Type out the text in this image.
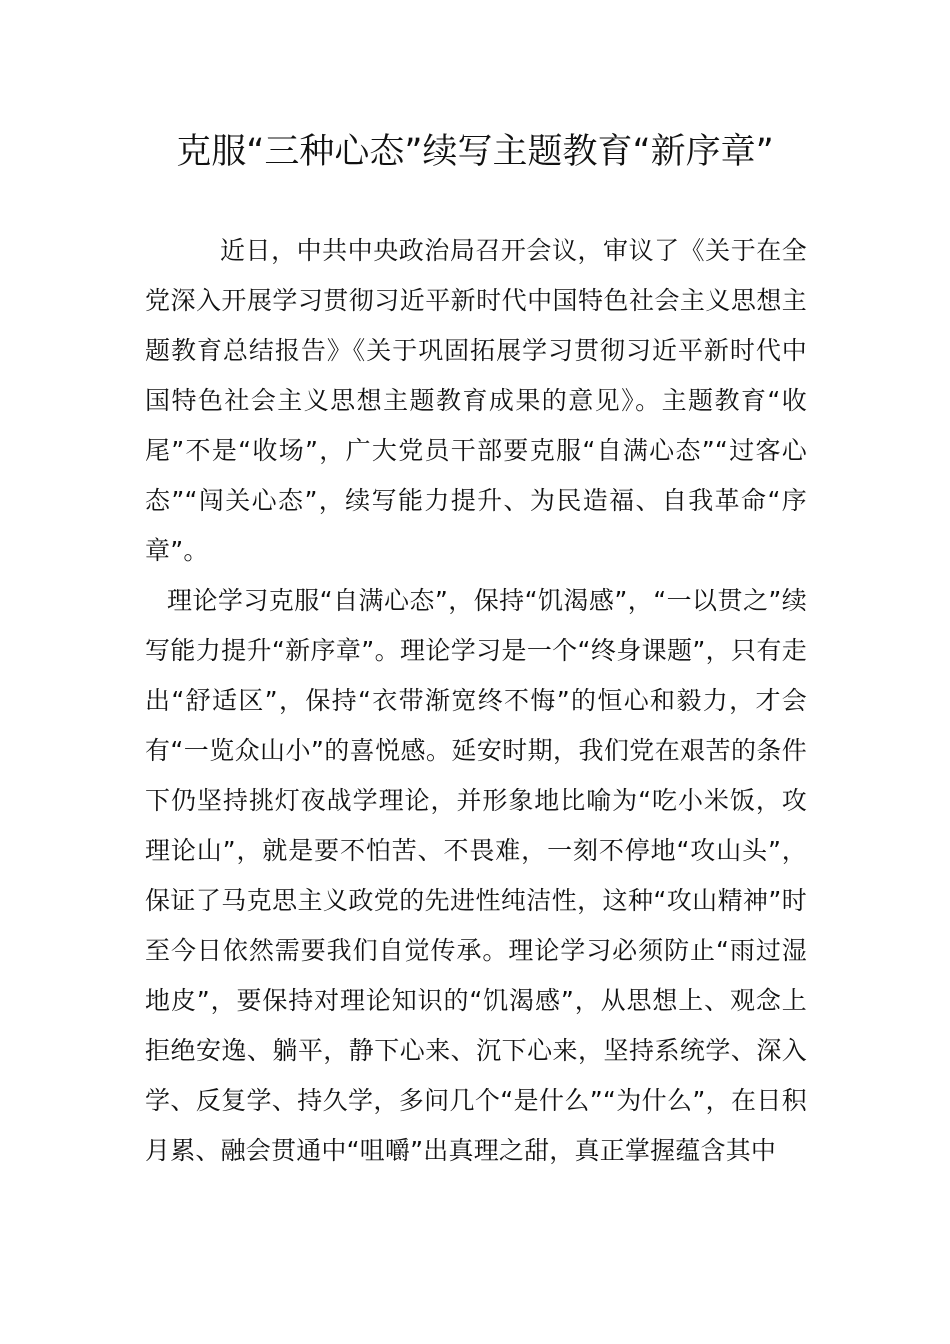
克服“三种心态”续写主题教育“新序章”

近日，中共中央政治局召开会议，审议了《关于在全党深入开展学习贯彻习近平新时代中国特色社会主义思想主题教育总结报告》《关于巩固拓展学习贯彻习近平新时代中国特色社会主义思想主题教育成果的意见》。主题教育“收尾”不是“收场”，广大党员干部要克服“自满心态”“过客心态”“闯关心态”，续写能力提升、为民造福、自我革命“序章”。

理论学习克服“自满心态”，保持“饥渴感”，“一以贯之”续写能力提升“新序章”。理论学习是一个“终身课题”，只有走出“舒适区”，保持“衣带渐宽终不悔”的恒心和毅力，才会有“一览众山小”的喜悦感。延安时期，我们党在艰苦的条件下仍坚持挑灯夜战学理论，并形象地比喻为“吃小米饭，攻理论山”，就是要不怕苦、不畏难，一刻不停地“攻山头”，保证了马克思主义政党的先进性纯洁性，这种“攻山精神”时至今日依然需要我们自觉传承。理论学习必须防止“雨过湿地皮”，要保持对理论知识的“饥渴感”，从思想上、观念上拒绝安逸、躺平，静下心来、沉下心来，坚持系统学、深入学、反复学、持久学，多问几个“是什么”“为什么”，在日积月累、融会贯通中“咀嚼”出真理之甜，真正掌握蕴含其中
